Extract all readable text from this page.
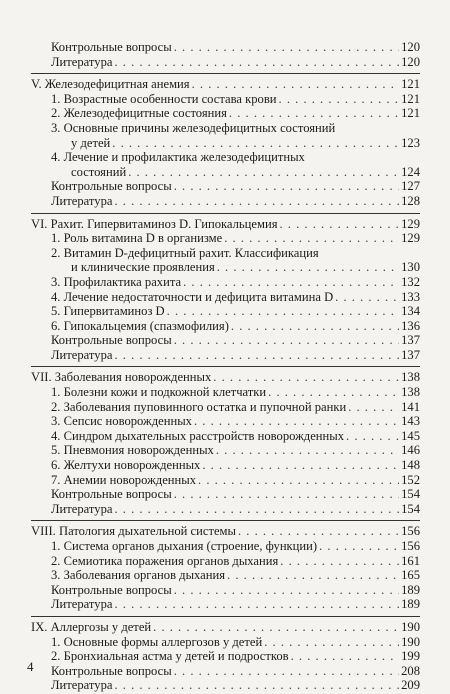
Контрольные вопросы . . .	120
Литература . . .	120
V. Железодефицитная анемия . . .	121
1. Возрастные особенности состава крови . . .	121
2. Железодефицитные состояния . . .	121
3. Основные причины железодефицитных состояний
у детей . . .	123
4. Лечение и профилактика железодефицитных
состояний . . .	124
Контрольные вопросы . . .	127
Литература . . .	128
VI. Рахит. Гипервитаминоз D. Гипокальцемия . . .	129
1. Роль витамина D в организме . . .	129
2. Витамин D-дефицитный рахит. Классификация
и клинические проявления . . .	130
3. Профилактика рахита . . .	132
4. Лечение недостаточности и дефицита витамина D . . .	133
5. Гипервитаминоз D . . .	134
6. Гипокальцемия (спазмофилия) . . .	136
Контрольные вопросы . . .	137
Литература . . .	137
VII. Заболевания новорожденных . . .	138
1. Болезни кожи и подкожной клетчатки . . .	138
2. Заболевания пуповинного остатка и пупочной ранки . . .	141
3. Сепсис новорожденных . . .	143
4. Синдром дыхательных расстройств новорожденных . . .	145
5. Пневмония новорожденных . . .	146
6. Желтухи новорожденных . . .	148
7. Анемии новорожденных . . .	152
Контрольные вопросы . . .	154
Литература . . .	154
VIII. Патология дыхательной системы . . .	156
1. Система органов дыхания (строение, функции) . . .	156
2. Семиотика поражения органов дыхания . . .	161
3. Заболевания органов дыхания . . .	165
Контрольные вопросы . . .	189
Литература . . .	189
IX. Аллергозы у детей . . .	190
1. Основные формы аллергозов у детей . . .	190
2. Бронхиальная астма у детей и подростков . . .	199
Контрольные вопросы . . .	208
Литература . . .	209
4
